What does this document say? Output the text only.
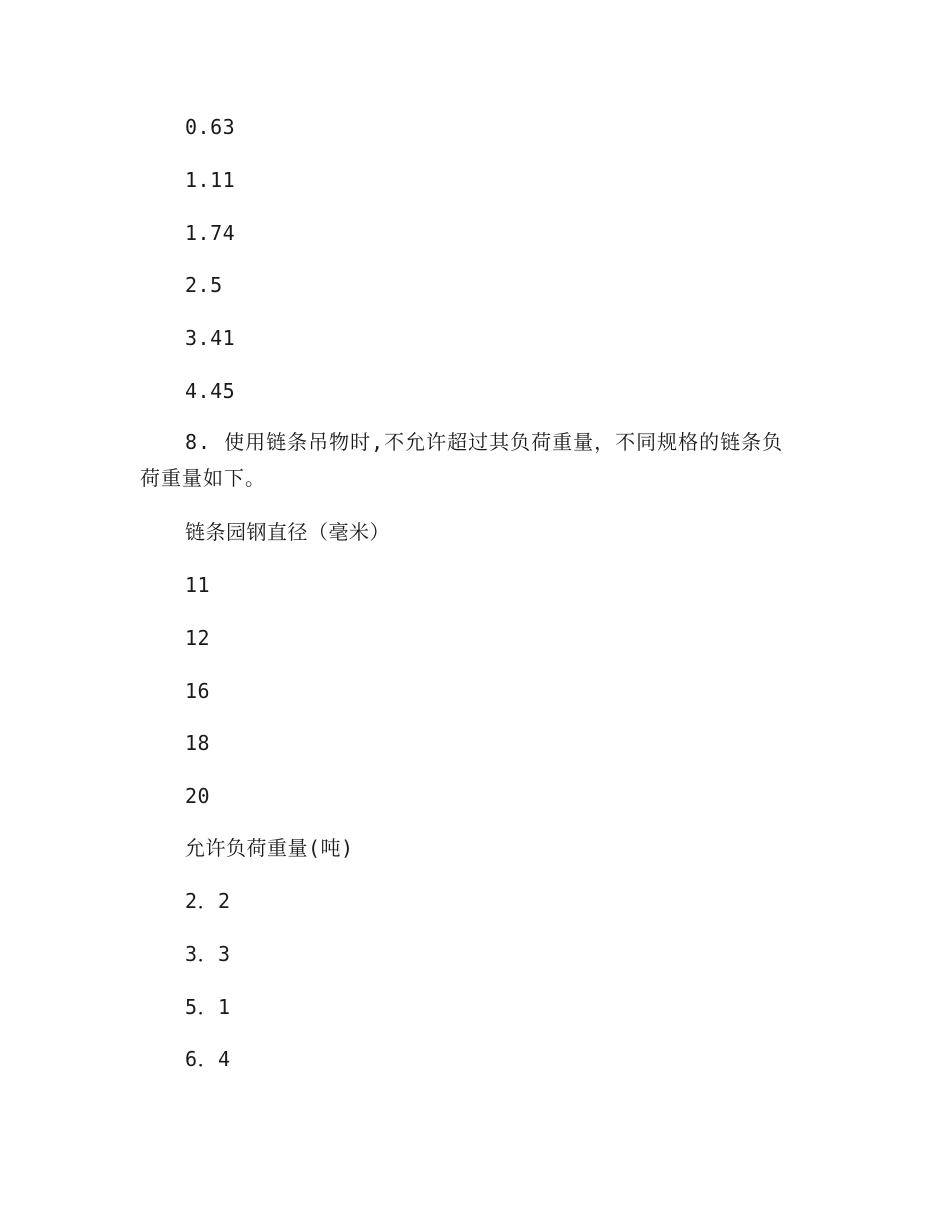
0.63
1.11
1.74
2.5
3.41
4.45
8. 使用链条吊物时,不允许超过其负荷重量，不同规格的链条负荷重量如下。
链条园钢直径（毫米）
11
12
16
18
20
允许负荷重量(吨)
2．2
3．3
5．1
6．4
